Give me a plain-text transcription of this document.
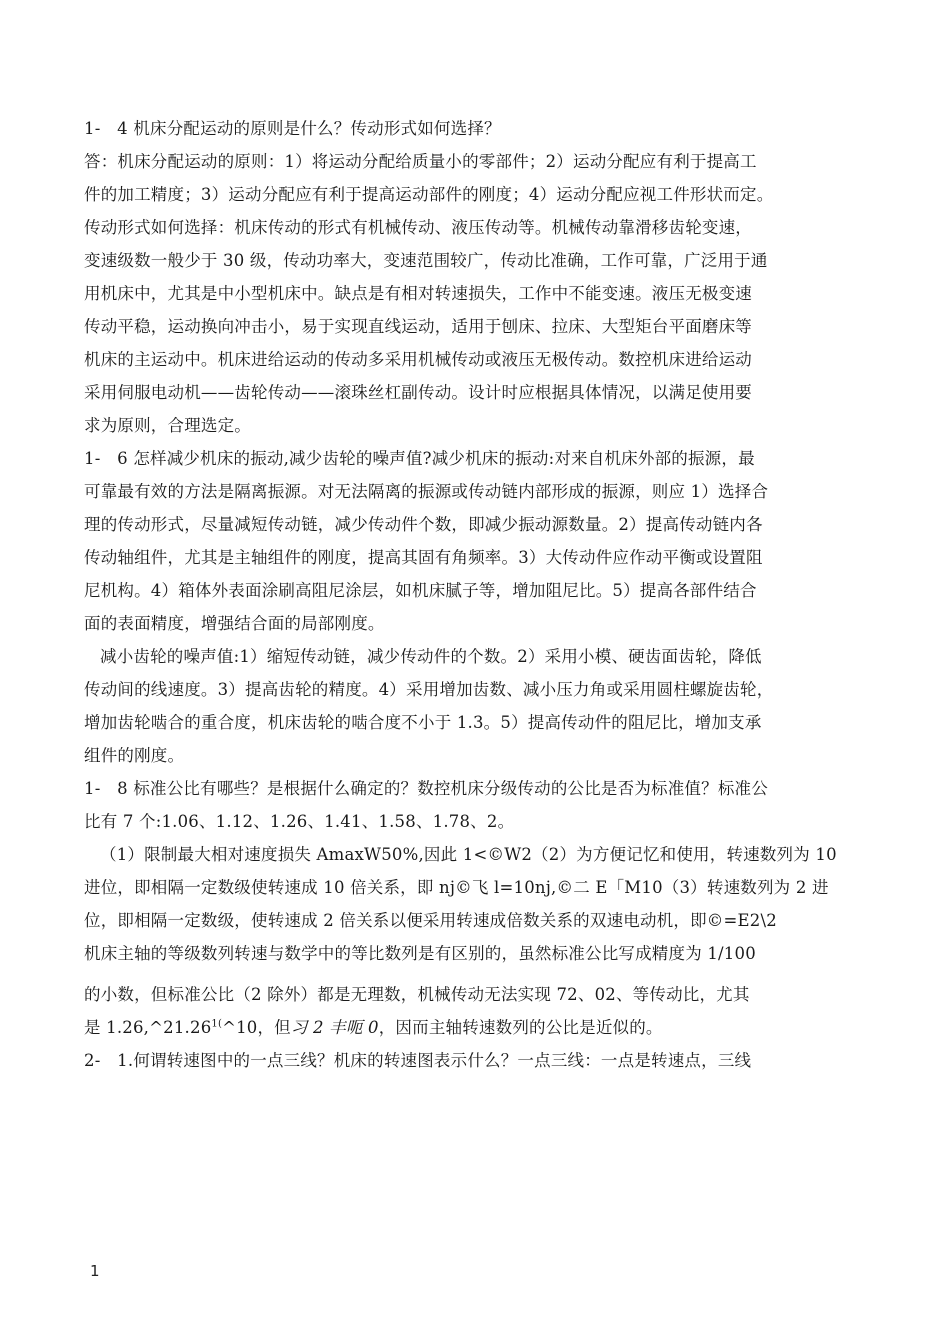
1-　4 机床分配运动的原则是什么？传动形式如何选择？

答：机床分配运动的原则：1）将运动分配给质量小的零部件；2）运动分配应有利于提高工

件的加工精度；3）运动分配应有利于提高运动部件的刚度；4）运动分配应视工件形状而定。

传动形式如何选择：机床传动的形式有机械传动、液压传动等。机械传动靠滑移齿轮变速，

变速级数一般少于 30 级，传动功率大，变速范围较广，传动比准确，工作可靠，广泛用于通

用机床中，尤其是中小型机床中。缺点是有相对转速损失，工作中不能变速。液压无极变速

传动平稳，运动换向冲击小，易于实现直线运动，适用于刨床、拉床、大型矩台平面磨床等

机床的主运动中。机床进给运动的传动多采用机械传动或液压无极传动。数控机床进给运动

采用伺服电动机——齿轮传动——滚珠丝杠副传动。设计时应根据具体情况，以满足使用要

求为原则，合理选定。

1-　6 怎样减少机床的振动,减少齿轮的噪声值?减少机床的振动:对来自机床外部的振源，最

可靠最有效的方法是隔离振源。对无法隔离的振源或传动链内部形成的振源，则应 1）选择合

理的传动形式，尽量减短传动链，减少传动件个数，即减少振动源数量。2）提高传动链内各

传动轴组件，尤其是主轴组件的刚度，提高其固有角频率。3）大传动件应作动平衡或设置阻

尼机构。4）箱体外表面涂刷高阻尼涂层，如机床腻子等，增加阻尼比。5）提高各部件结合

面的表面精度，增强结合面的局部刚度。

减小齿轮的噪声值:1）缩短传动链，减少传动件的个数。2）采用小模、硬齿面齿轮，降低

传动间的线速度。3）提高齿轮的精度。4）采用增加齿数、减小压力角或采用圆柱螺旋齿轮，

增加齿轮啮合的重合度，机床齿轮的啮合度不小于 1.3。5）提高传动件的阻尼比，增加支承

组件的刚度。

1-　8 标准公比有哪些？是根据什么确定的？数控机床分级传动的公比是否为标准值？标准公

比有 7 个:1.06、1.12、1.26、1.41、1.58、1.78、2。

（1）限制最大相对速度损失 AmaxW50%,因此 1<©W2（2）为方便记忆和使用，转速数列为 10

进位，即相隔一定数级使转速成 10 倍关系，即 nj©飞 l=10nj,©二 E「M10（3）转速数列为 2 进

位，即相隔一定数级，使转速成 2 倍关系以便采用转速成倍数关系的双速电动机，即©=E2\2

机床主轴的等级数列转速与数学中的等比数列是有区别的，虽然标准公比写成精度为 1/100

的小数，但标准公比（2 除外）都是无理数，机械传动无法实现 72、02、等传动比，尤其

是 $1.26,\^{}21.26^{1(}\^{}10$，但习 2 丰呃 0，因而主轴转速数列的公比是近似的。

2-　1.何谓转速图中的一点三线？机床的转速图表示什么？一点三线：一点是转速点，三线

1
